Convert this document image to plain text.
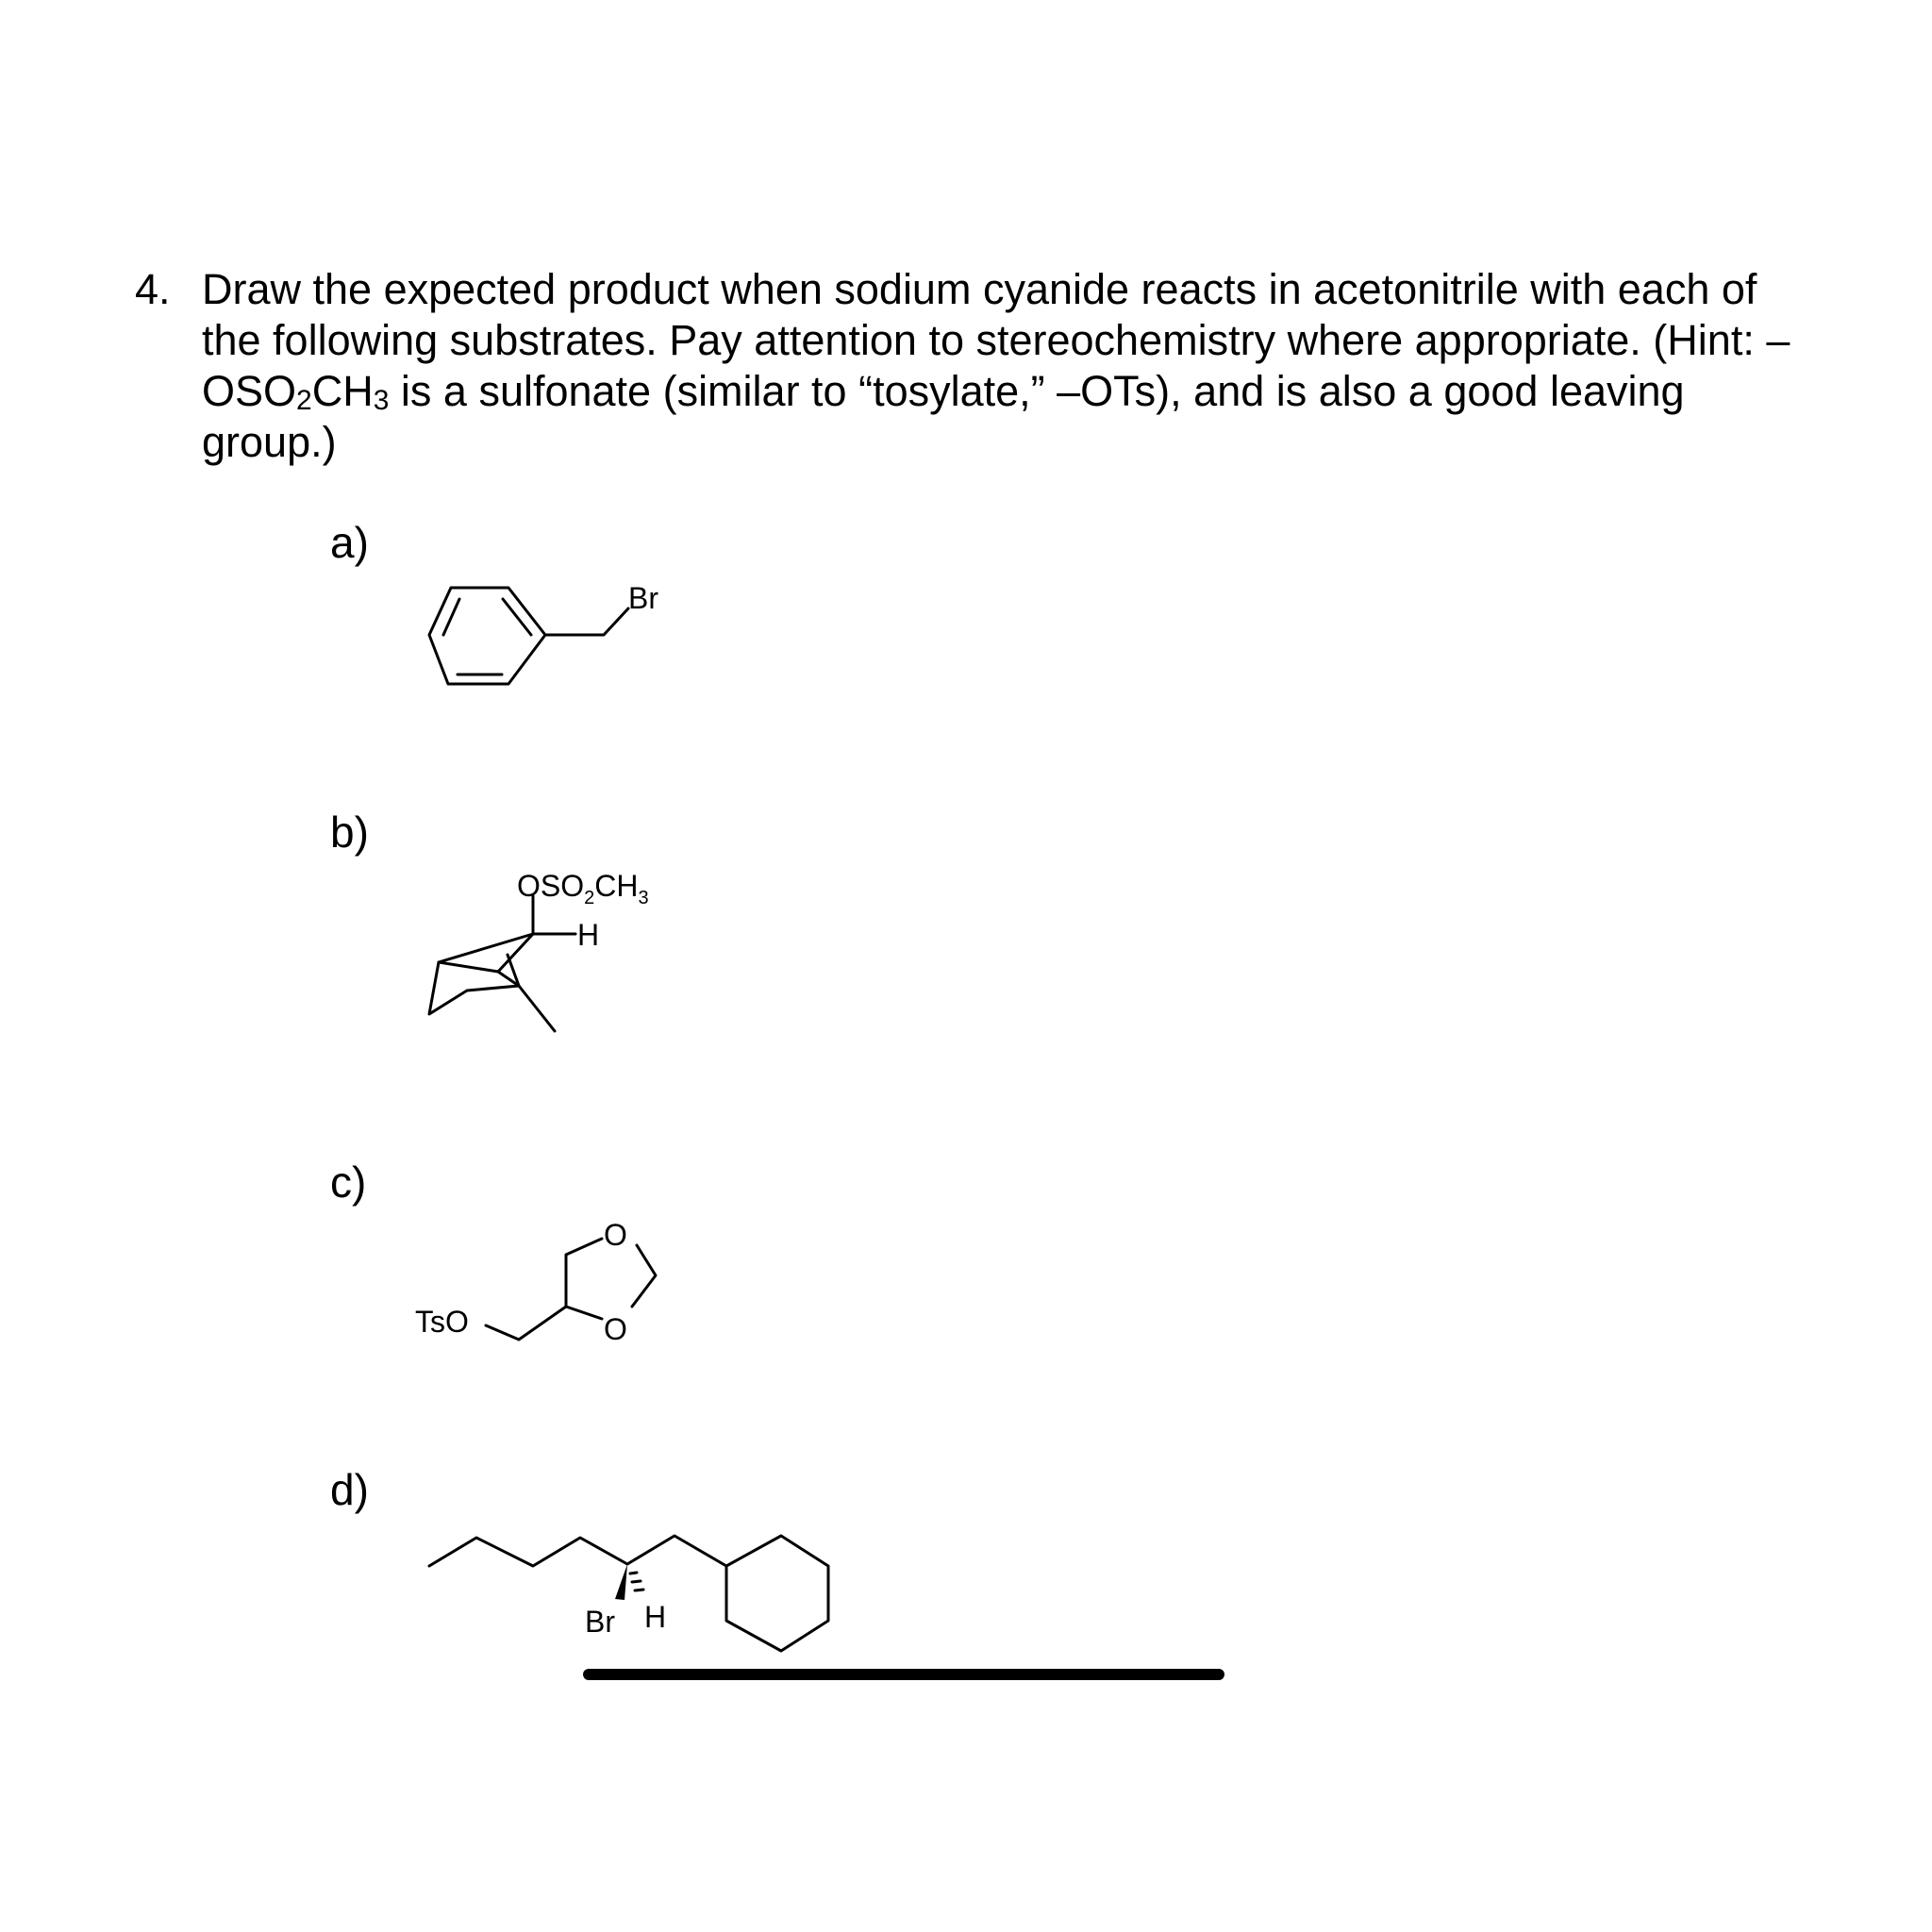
4. Draw the expected product when sodium cyanide reacts in acetonitrile with each of
the following substrates. Pay attention to stereochemistry where appropriate. (Hint: –
$OSO_2CH_3$ is a sulfonate (similar to “tosylate,” –OTs), and is also a good leaving
group.)
a)
b)
c)
d)
Br
H
$OSO_2CH_3$
TsO
O
O
Br H
